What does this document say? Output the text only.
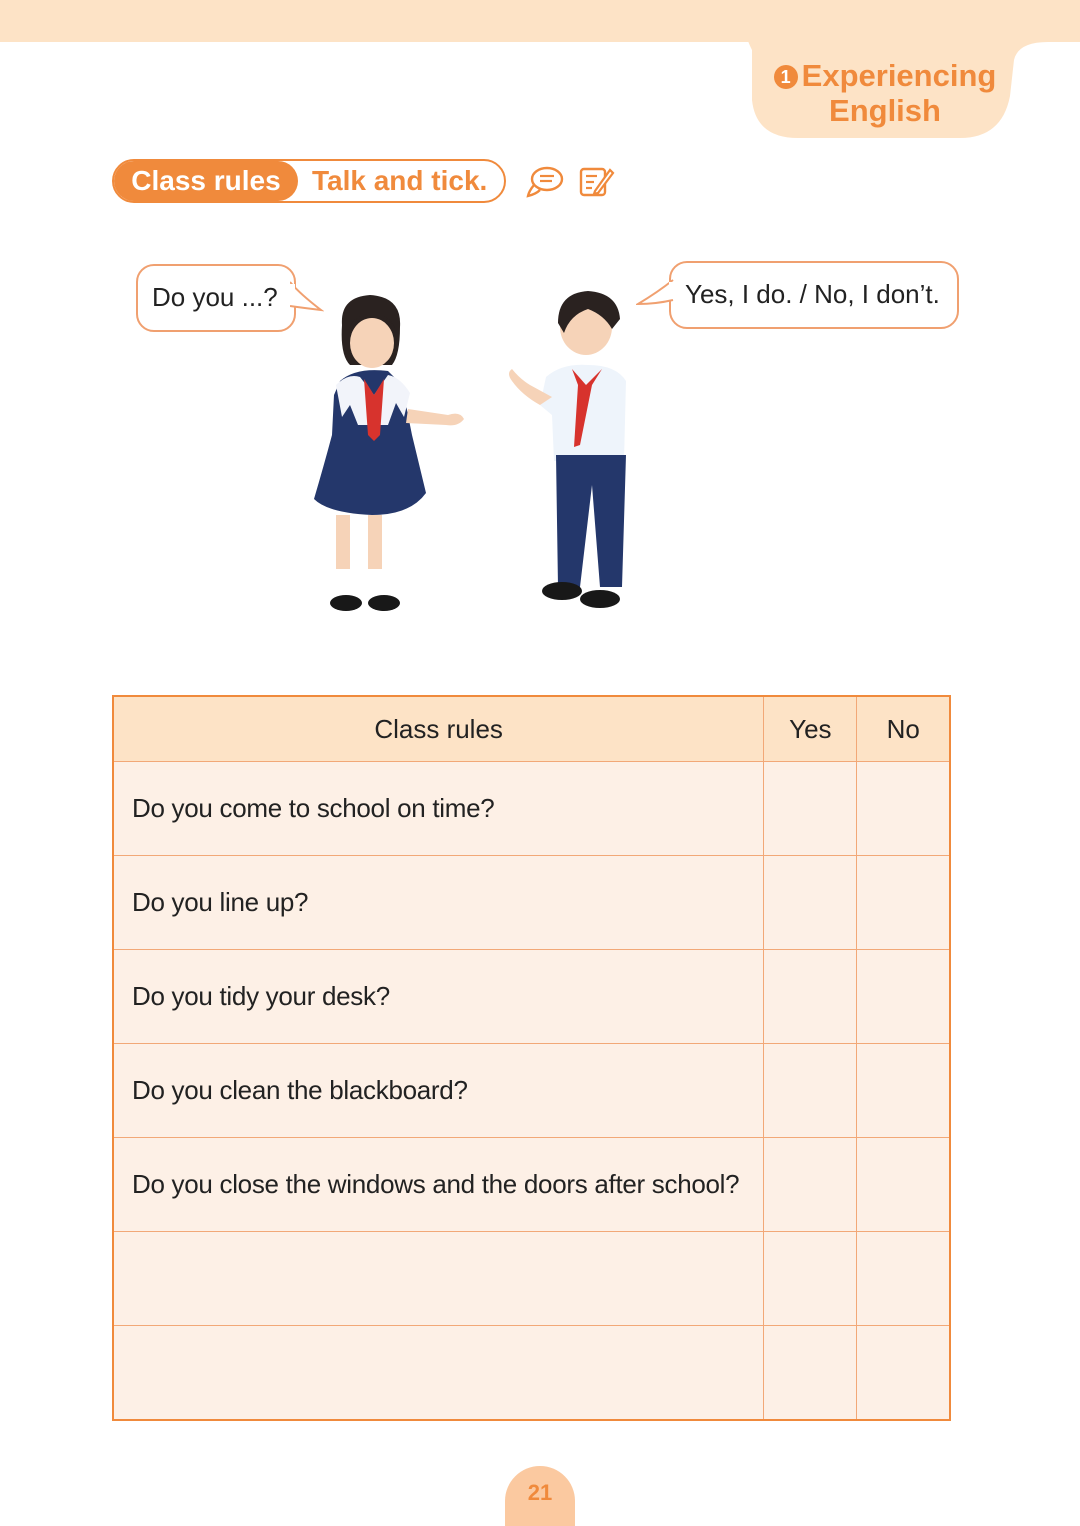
1 Experiencing English
Class rules	Talk and tick.
Do you ...?	Yes, I do. / No, I don’t.
Class rules	Yes	No
Do you come to school on time?		
Do you line up?		
Do you tidy your desk?		
Do you clean the blackboard?		
Do you close the windows and the doors after school?		

21
